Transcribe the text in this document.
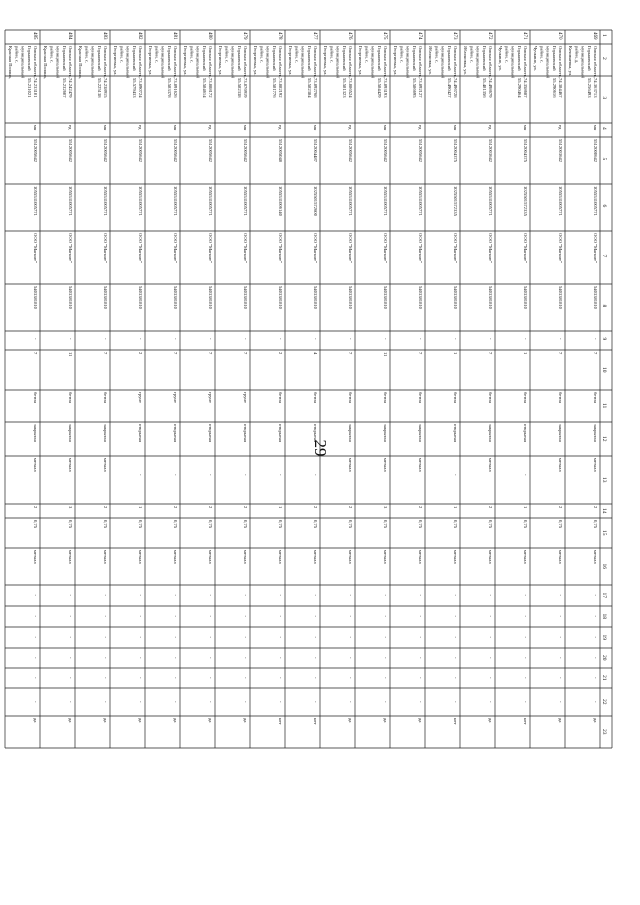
29
1
2
3
4
5
6
7
8
9
10
11
12
13
14
15
16
17
18
19
20
21
22
23
469
Омская область,
Горьковский
муниципальный
район, д.
Кочиваевка, ул.
74.363713
55.256493
мн
5512000642
1055531005771
ООО "Магнит"
5403381810
-
7
бетон
закрытая
металл
2
0,75
металл
-
-
-
-
-
-
да
470
Омская область,
Горьковский
муниципальный
район, с.
Чучкино, ул.
74.384467
55.290616
ед
5512003642
1055531005771
ООО "Магнит"
5403381810
-
7
бетон
закрытая
металл
2
0,75
металл
-
-
-
-
-
-
да
471
Омская область,
Горьковский
муниципальный
район, с.
Чучкино, ул.
74.358687
55.290464
мн
5512004375
1025501572335
ООО "Магнит"
5403381810
-
1
бетон
открытая
-
1
0,75
металл
-
-
-
-
-
-
нет
472
Омская область,
Горьковский
муниципальный
район, с.
Яблоновка, ул.
74.498679
55.481356
ед
5512003642
1055531005771
ООО "Магнит"
5403381810
-
7
бетон
закрытая
металл
2
0,75
металл
-
-
-
-
-
-
да
473
Омская область,
Горьковский
муниципальный
район, с.
Яблоновка, ул.
74.496728
55.490427
мн
5512004375
1025501572335
ООО "Магнит"
5403381810
-
1
бетон
открытая
-
1
0,75
металл
-
-
-
-
-
-
нет
474
Омская область,
Горьковский
муниципальный
район, с.
Георгиевка, ул.
73.892127
55.586695
ед
5512005642
1055531005771
ООО "Магнит"
5403381810
-
7
бетон
закрытая
металл
2
0,75
металл
-
-
-
-
-
-
да
475
Омская область,
Горьковский
муниципальный
район, с.
Георгиевка, ул.
73.893193
55.584429
мн
5512005642
1055531005771
ООО "Магнит"
5403381810
-
11
бетон
закрытая
металл
3
0,75
металл
-
-
-
-
-
-
да
476
Омская область,
Горьковский
муниципальный
район, с.
Георгиевка, ул.
73.886524
55.581323
ед
5512005642
1055531005771
ООО "Магнит"
5403381810
-
7
бетон
закрытая
металл
2
0,75
металл
-
-
-
-
-
-
да
477
Омская область,
Горьковский
муниципальный
район, с.
Георгиевка, ул.
73.892768
55.582384
мн
5512004487
1025501572600
ООО "Магнит"
5403381810
-
4
бетон
открытая
-
2
0,75
металл
-
-
-
-
-
-
нет
478
Омская область,
Горьковский
муниципальный
район, с.
Георгиевка, ул.
73.882192
55.581776
ед
5512005048
1055531006140
ООО "Магнит"
5403381810
-
2
бетон
открытая
-
1
0,75
металл
-
-
-
-
-
-
нет
479
Омская область,
Горьковский
муниципальный
район, с.
Георгиевка, ул.
73.876919
55.582338
мн
5512005642
1055531005771
ООО "Магнит"
5403381810
-
7
грунт
открытая
-
2
0,75
металл
-
-
-
-
-
-
да
480
Омская область,
Горьковский
муниципальный
район, с.
Георгиевка, ул.
73.888172
55.584614
ед
5512005642
1055531005771
ООО "Магнит"
5403381810
-
7
грунт
открытая
-
2
0,75
металл
-
-
-
-
-
-
да
481
Омская область,
Горьковский
муниципальный
район, с.
Георгиевка, ул.
73.891626
55.583378
мн
5512005642
1055531005771
ООО "Магнит"
5403381810
-
7
грунт
открытая
-
2
0,75
металл
-
-
-
-
-
-
да
482
Омская область,
Горьковский
муниципальный
район, с.
Георгиевка, ул.
73.890724
55.579433
ед
5512005642
1055531005771
ООО "Магнит"
5403381810
-
2
грунт
открытая
-
1
0,75
металл
-
-
-
-
-
-
да
483
Омская область,
Горьковский
муниципальный
район, с.
Красная Поляна,
74.238915
55.225138
мн
5512005642
1055531005771
ООО "Магнит"
5403381810
-
7
бетон
закрытая
металл
2
0,75
металл
-
-
-
-
-
-
да
484
Омская область,
Горьковский
муниципальный
район, с.
Красная Поляна,
74.242479
55.232607
ед
5512005642
1055531005771
ООО "Магнит"
5403381810
-
11
бетон
закрытая
металл
3
0,75
металл
-
-
-
-
-
-
да
485
Омская область,
Горьковский
муниципальный
район, с.
Красная Поляна,
74.233101
55.231021
мн
5512005642
1055531005771
ООО "Магнит"
5403381810
-
7
бетон
закрытая
металл
2
0,75
металл
-
-
-
-
-
-
да
